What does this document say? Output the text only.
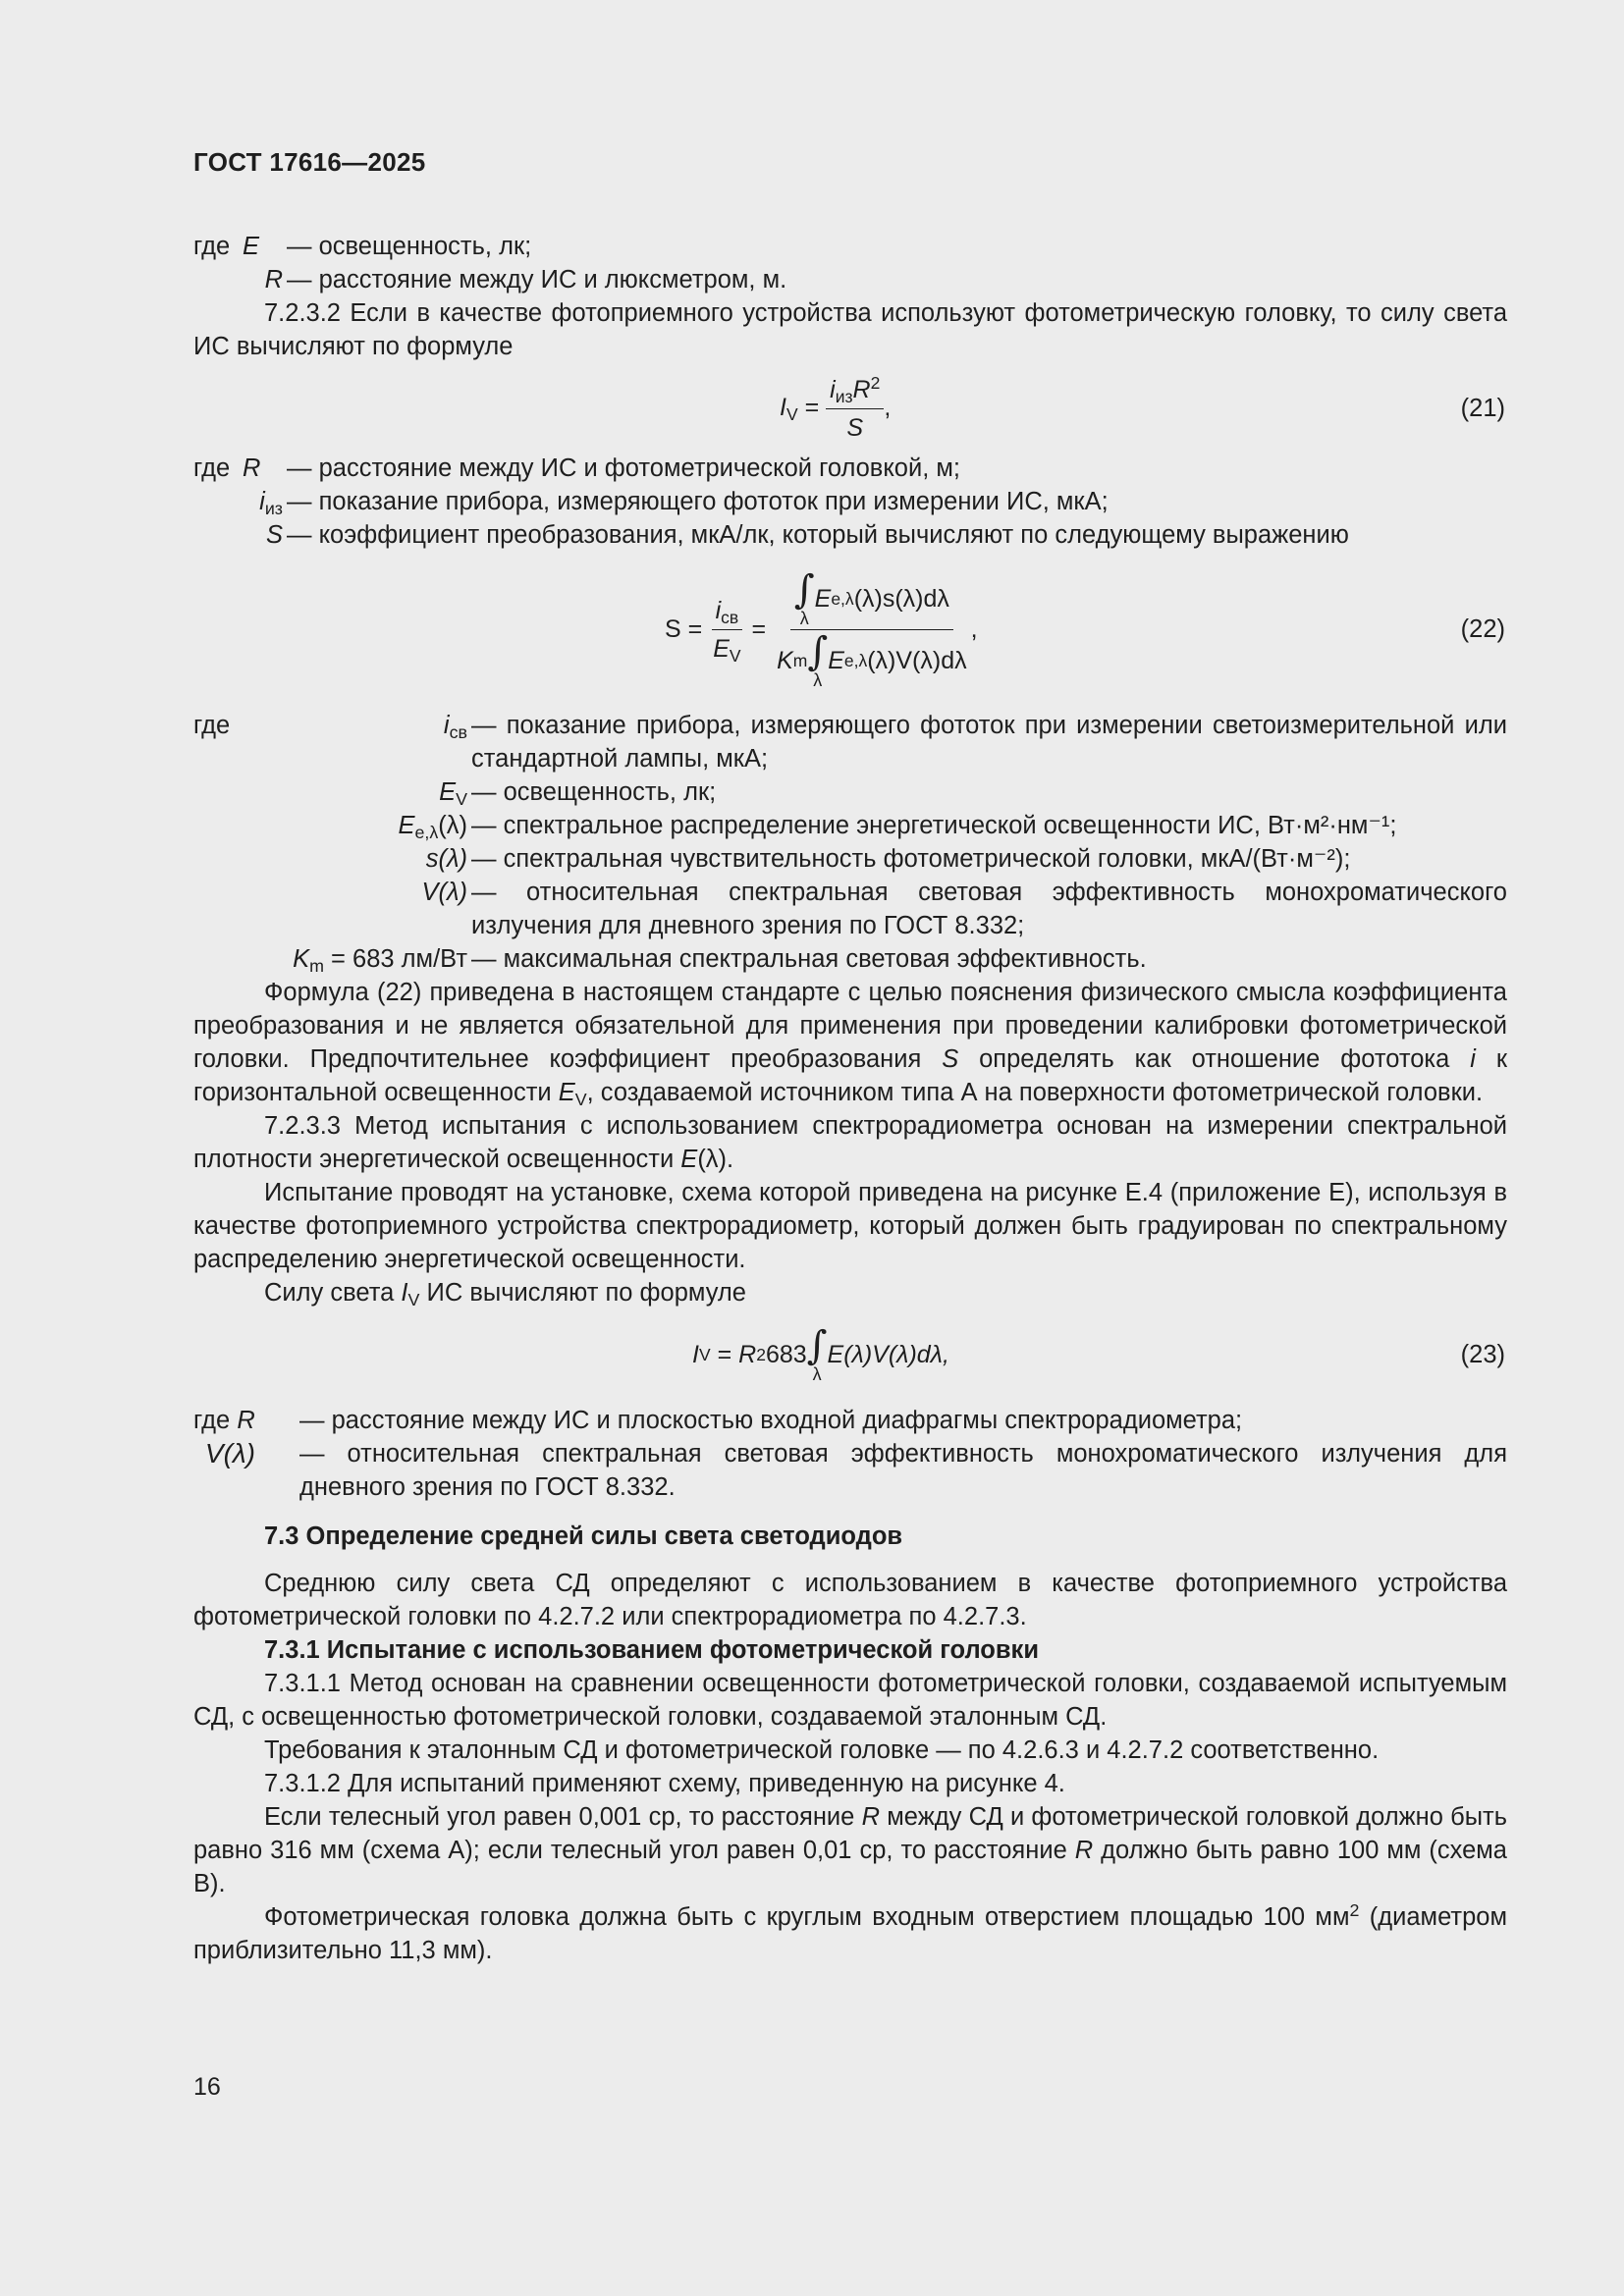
ГОСТ 17616—2025
где E	— освещенность, лк;
R — расстояние между ИС и люксметром, м.

7.2.3.2 Если в качестве фотоприемного устройства используют фотометрическую головку, то силу света ИС вычисляют по формуле

$I_V = \frac{i_{из}R^2}{S}$ ,	(21)
где R	— расстояние между ИС и фотометрической головкой, м;
$i_{из}$ — показание прибора, измеряющего фототок при измерении ИС, мкА;
S — коэффициент преобразования, мкА/лк, который вычисляют по следующему выражению
S =
$\frac{i_{св}}{E_V}$
=
∫
λ
E e,λ (λ)s(λ)dλ
K m ∫
λ
E e,λ (λ)V(λ)dλ ,	(22)
где	$i_{св}$ — показание прибора, измеряющего фототок при измерении светоизмерительной или стандартной лампы, мкА;
$E_V$ — освещенность, лк;
$E_{e,\lambda}(\lambda)$ — спектральное распределение энергетической освещенности ИС, Вт·м²·нм⁻¹;
s(λ) — спектральная чувствительность фотометрической головки, мкА/(Вт·м⁻²);
V(λ) — относительная спектральная световая эффективность монохроматического излучения для дневного зрения по ГОСТ 8.332;
$K_m = 683$ лм/Вт — максимальная спектральная световая эффективность.

Формула (22) приведена в настоящем стандарте с целью пояснения физического смысла коэффициента преобразования и не является обязательной для применения при проведении калибровки фотометрической головки. Предпочтительнее коэффициент преобразования S определять как отношение фототока i к горизонтальной освещенности $E_V$, создаваемой источником типа А на поверхности фотометрической головки.

7.2.3.3 Метод испытания с использованием спектрорадиометра основан на измерении спектральной плотности энергетической освещенности E(λ).

Испытание проводят на установке, схема которой приведена на рисунке Е.4 (приложение Е), используя в качестве фотоприемного устройства спектрорадиометр, который должен быть градуирован по спектральному распределению энергетической освещенности.

Силу света $I_V$ ИС вычисляют по формуле

I V
=
R 2 683 ∫
λ
E(λ)V(λ)dλ,	(23)
где R	— расстояние между ИС и плоскостью входной диафрагмы спектрорадиометра;
V(λ)	— относительная спектральная световая эффективность монохроматического излучения для дневного зрения по ГОСТ 8.332.

7.3 Определение средней силы света светодиодов

Среднюю силу света СД определяют с использованием в качестве фотоприемного устройства фотометрической головки по 4.2.7.2 или спектрорадиометра по 4.2.7.3.

7.3.1 Испытание с использованием фотометрической головки

7.3.1.1 Метод основан на сравнении освещенности фотометрической головки, создаваемой испытуемым СД, с освещенностью фотометрической головки, создаваемой эталонным СД.

Требования к эталонным СД и фотометрической головке — по 4.2.6.3 и 4.2.7.2 соответственно.

7.3.1.2 Для испытаний применяют схему, приведенную на рисунке 4.

Если телесный угол равен 0,001 ср, то расстояние R между СД и фотометрической головкой должно быть равно 316 мм (схема А); если телесный угол равен 0,01 ср, то расстояние R должно быть равно 100 мм (схема В).

Фотометрическая головка должна быть с круглым входным отверстием площадью 100 $мм^2$ (диаметром приблизительно 11,3 мм).

16
